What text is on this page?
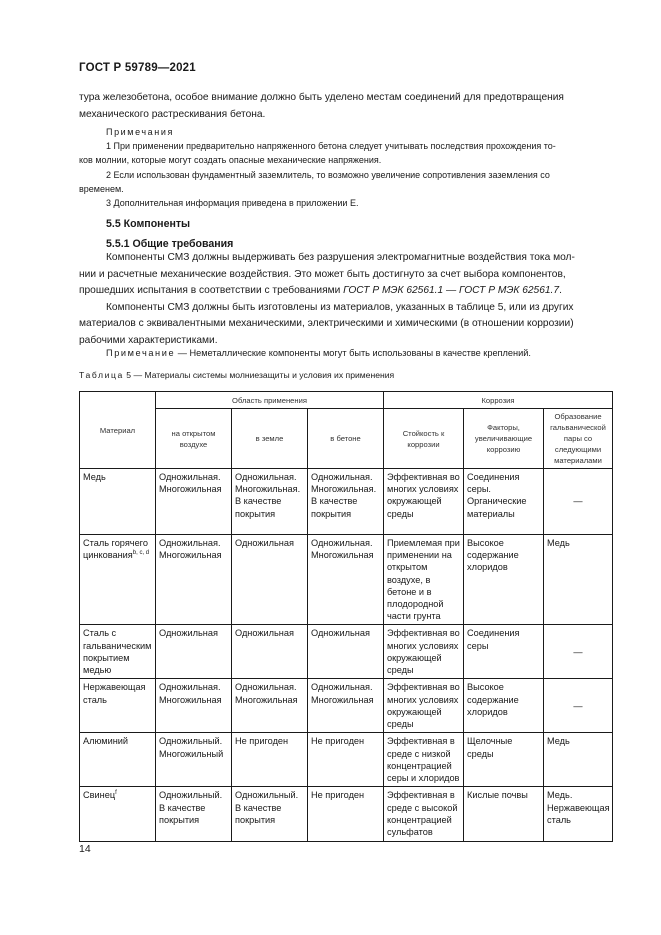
ГОСТ Р 59789—2021
тура железобетона, особое внимание должно быть уделено местам соединений для предотвращения
механического растрескивания бетона.
Примечания
1 При применении предварительно напряженного бетона следует учитывать последствия прохождения то-
ков молнии, которые могут создать опасные механические напряжения.
2 Если использован фундаментный заземлитель, то возможно увеличение сопротивления заземления со
временем.
3 Дополнительная информация приведена в приложении Е.
5.5 Компоненты
5.5.1 Общие требования
Компоненты СМЗ должны выдерживать без разрушения электромагнитные воздействия тока мол-
нии и расчетные механические воздействия. Это может быть достигнуто за счет выбора компонентов,
прошедших испытания в соответствии с требованиями ГОСТ Р МЭК 62561.1 — ГОСТ Р МЭК 62561.7.
Компоненты СМЗ должны быть изготовлены из материалов, указанных в таблице 5, или из других
материалов с эквивалентными механическими, электрическими и химическими (в отношении коррозии)
рабочими характеристиками.
Примечание — Неметаллические компоненты могут быть использованы в качестве креплений.
Таблица 5 — Материалы системы молниезащиты и условия их применения
Материал	Область применения			Коррозия		
	на открытом воздухе	в земле	в бетоне	Стойкость к коррозии	Факторы, увеличивающие коррозию	Образование гальванической пары со следующими материалами
Медь	Одножильная. Многожильная	Одножильная. Многожильная. В качестве покрытия	Одножильная. Многожильная. В качестве покрытия	Эффективная во многих условиях окружающей среды	Соединения серы. Органические материалы	—
Сталь горячего цинкования$^{b, c, d}$	Одножильная. Многожильная	Одножильная	Одножильная. Многожильная	Приемлемая при применении на открытом воздухе, в бетоне и в плодородной части грунта	Высокое содержание хлоридов	Медь
Сталь с гальваническим покрытием медью	Одножильная	Одножильная	Одножильная	Эффективная во многих условиях окружающей среды	Соединения серы	—
Нержавеющая сталь	Одножильная. Многожильная	Одножильная. Многожильная	Одножильная. Многожильная	Эффективная во многих условиях окружающей среды	Высокое содержание хлоридов	—
Алюминий	Одножильный. Многожильный	Не пригоден	Не пригоден	Эффективная в среде с низкой концентрацией серы и хлоридов	Щелочные среды	Медь
Свинец$^f$	Одножильный. В качестве покрытия	Одножильный. В качестве покрытия	Не пригоден	Эффективная в среде с высокой концентрацией сульфатов	Кислые почвы	Медь. Нержавеющая сталь
14
